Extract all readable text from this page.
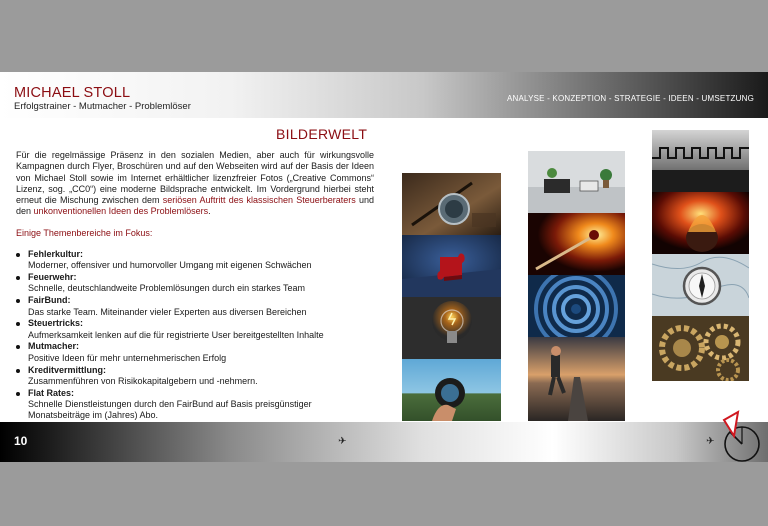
MICHAEL STOLL
Erfolgstrainer - Mutmacher - Problemlöser
ANALYSE - KONZEPTION - STRATEGIE - IDEEN - UMSETZUNG
BILDERWELT

Für die regelmässige Präsenz in den sozialen Medien, aber auch für wirkungsvolle Kampagnen durch Flyer, Broschüren und auf den Webseiten wird auf der Basis der Ideen von Michael Stoll sowie im Internet erhältlicher lizenzfreier Fotos („Creative Commons“ Lizenz, sog. „CC0“) eine moderne Bildsprache entwickelt. Im Vordergrund hierbei steht erneut die Mischung zwischen dem seriösen Auftritt des klassischen Steuerberaters und den unkonventionellen Ideen des Problemlösers.

Einige Themenbereiche im Fokus:

Fehlerkultur:
Moderner, offensiver und humorvoller Umgang mit eigenen Schwächen
Feuerwehr:
Schnelle, deutschlandweite Problemlösungen durch ein starkes Team
FairBund:
Das starke Team. Miteinander vieler Experten aus diversen Bereichen
Steuertricks:
Aufmerksamkeit lenken auf die für registrierte User bereitgestellten Inhalte
Mutmacher:
Positive Ideen für mehr unternehmerischen Erfolg
Kreditvermittlung:
Zusammenführen von Risikokapitalgebern und -nehmern.
Flat Rates:
Schnelle Dienstleistungen durch den FairBund auf Basis preisgünstiger Monatsbeiträge im (Jahres) Abo.
10	✈	✈
